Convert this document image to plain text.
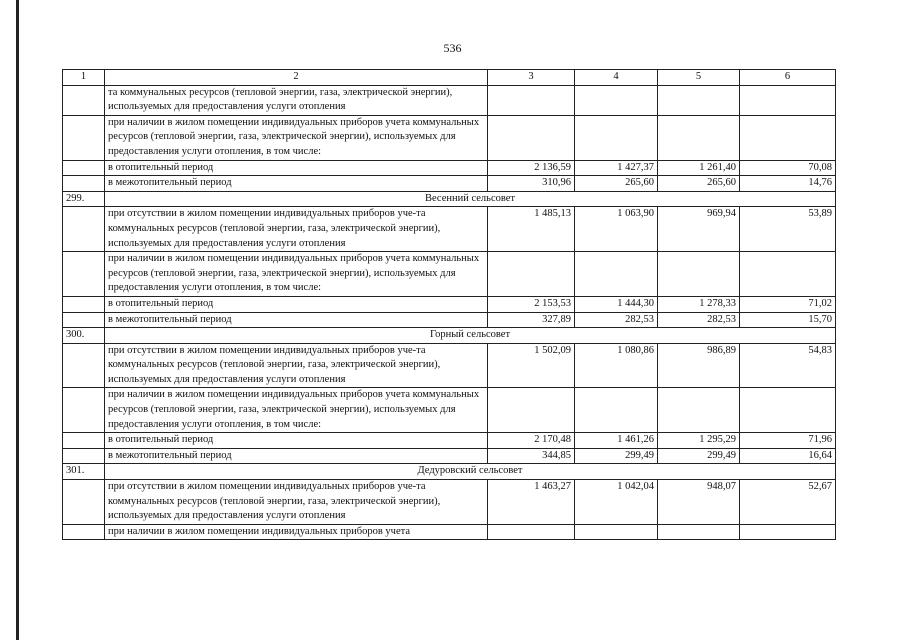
536
1	2	3	4	5	6
	та коммунальных ресурсов (тепловой энергии, газа, электрической энергии), используемых для предоставления услуги отопления				
	при наличии в жилом помещении индивидуальных приборов учета коммунальных ресурсов (тепловой энергии, газа, электрической энергии), используемых для предоставления услуги отопления, в том числе:				
	в отопительный период	2 136,59	1 427,37	1 261,40	70,08
	в межотопительный период	310,96	265,60	265,60	14,76
299.	Весенний сельсовет				
	при отсутствии в жилом помещении индивидуальных приборов уче-та коммунальных ресурсов (тепловой энергии, газа, электрической энергии), используемых для предоставления услуги отопления	1 485,13	1 063,90	969,94	53,89
	при наличии в жилом помещении индивидуальных приборов учета коммунальных ресурсов (тепловой энергии, газа, электрической энергии), используемых для предоставления услуги отопления, в том числе:				
	в отопительный период	2 153,53	1 444,30	1 278,33	71,02
	в межотопительный период	327,89	282,53	282,53	15,70
300.	Горный сельсовет				
	при отсутствии в жилом помещении индивидуальных приборов уче-та коммунальных ресурсов (тепловой энергии, газа, электрической энергии), используемых для предоставления услуги отопления	1 502,09	1 080,86	986,89	54,83
	при наличии в жилом помещении индивидуальных приборов учета коммунальных ресурсов (тепловой энергии, газа, электрической энергии), используемых для предоставления услуги отопления, в том числе:				
	в отопительный период	2 170,48	1 461,26	1 295,29	71,96
	в межотопительный период	344,85	299,49	299,49	16,64
301.	Дедуровский сельсовет				
	при отсутствии в жилом помещении индивидуальных приборов уче-та коммунальных ресурсов (тепловой энергии, газа, электрической энергии), используемых для предоставления услуги отопления	1 463,27	1 042,04	948,07	52,67
	при наличии в жилом помещении индивидуальных приборов учета				
